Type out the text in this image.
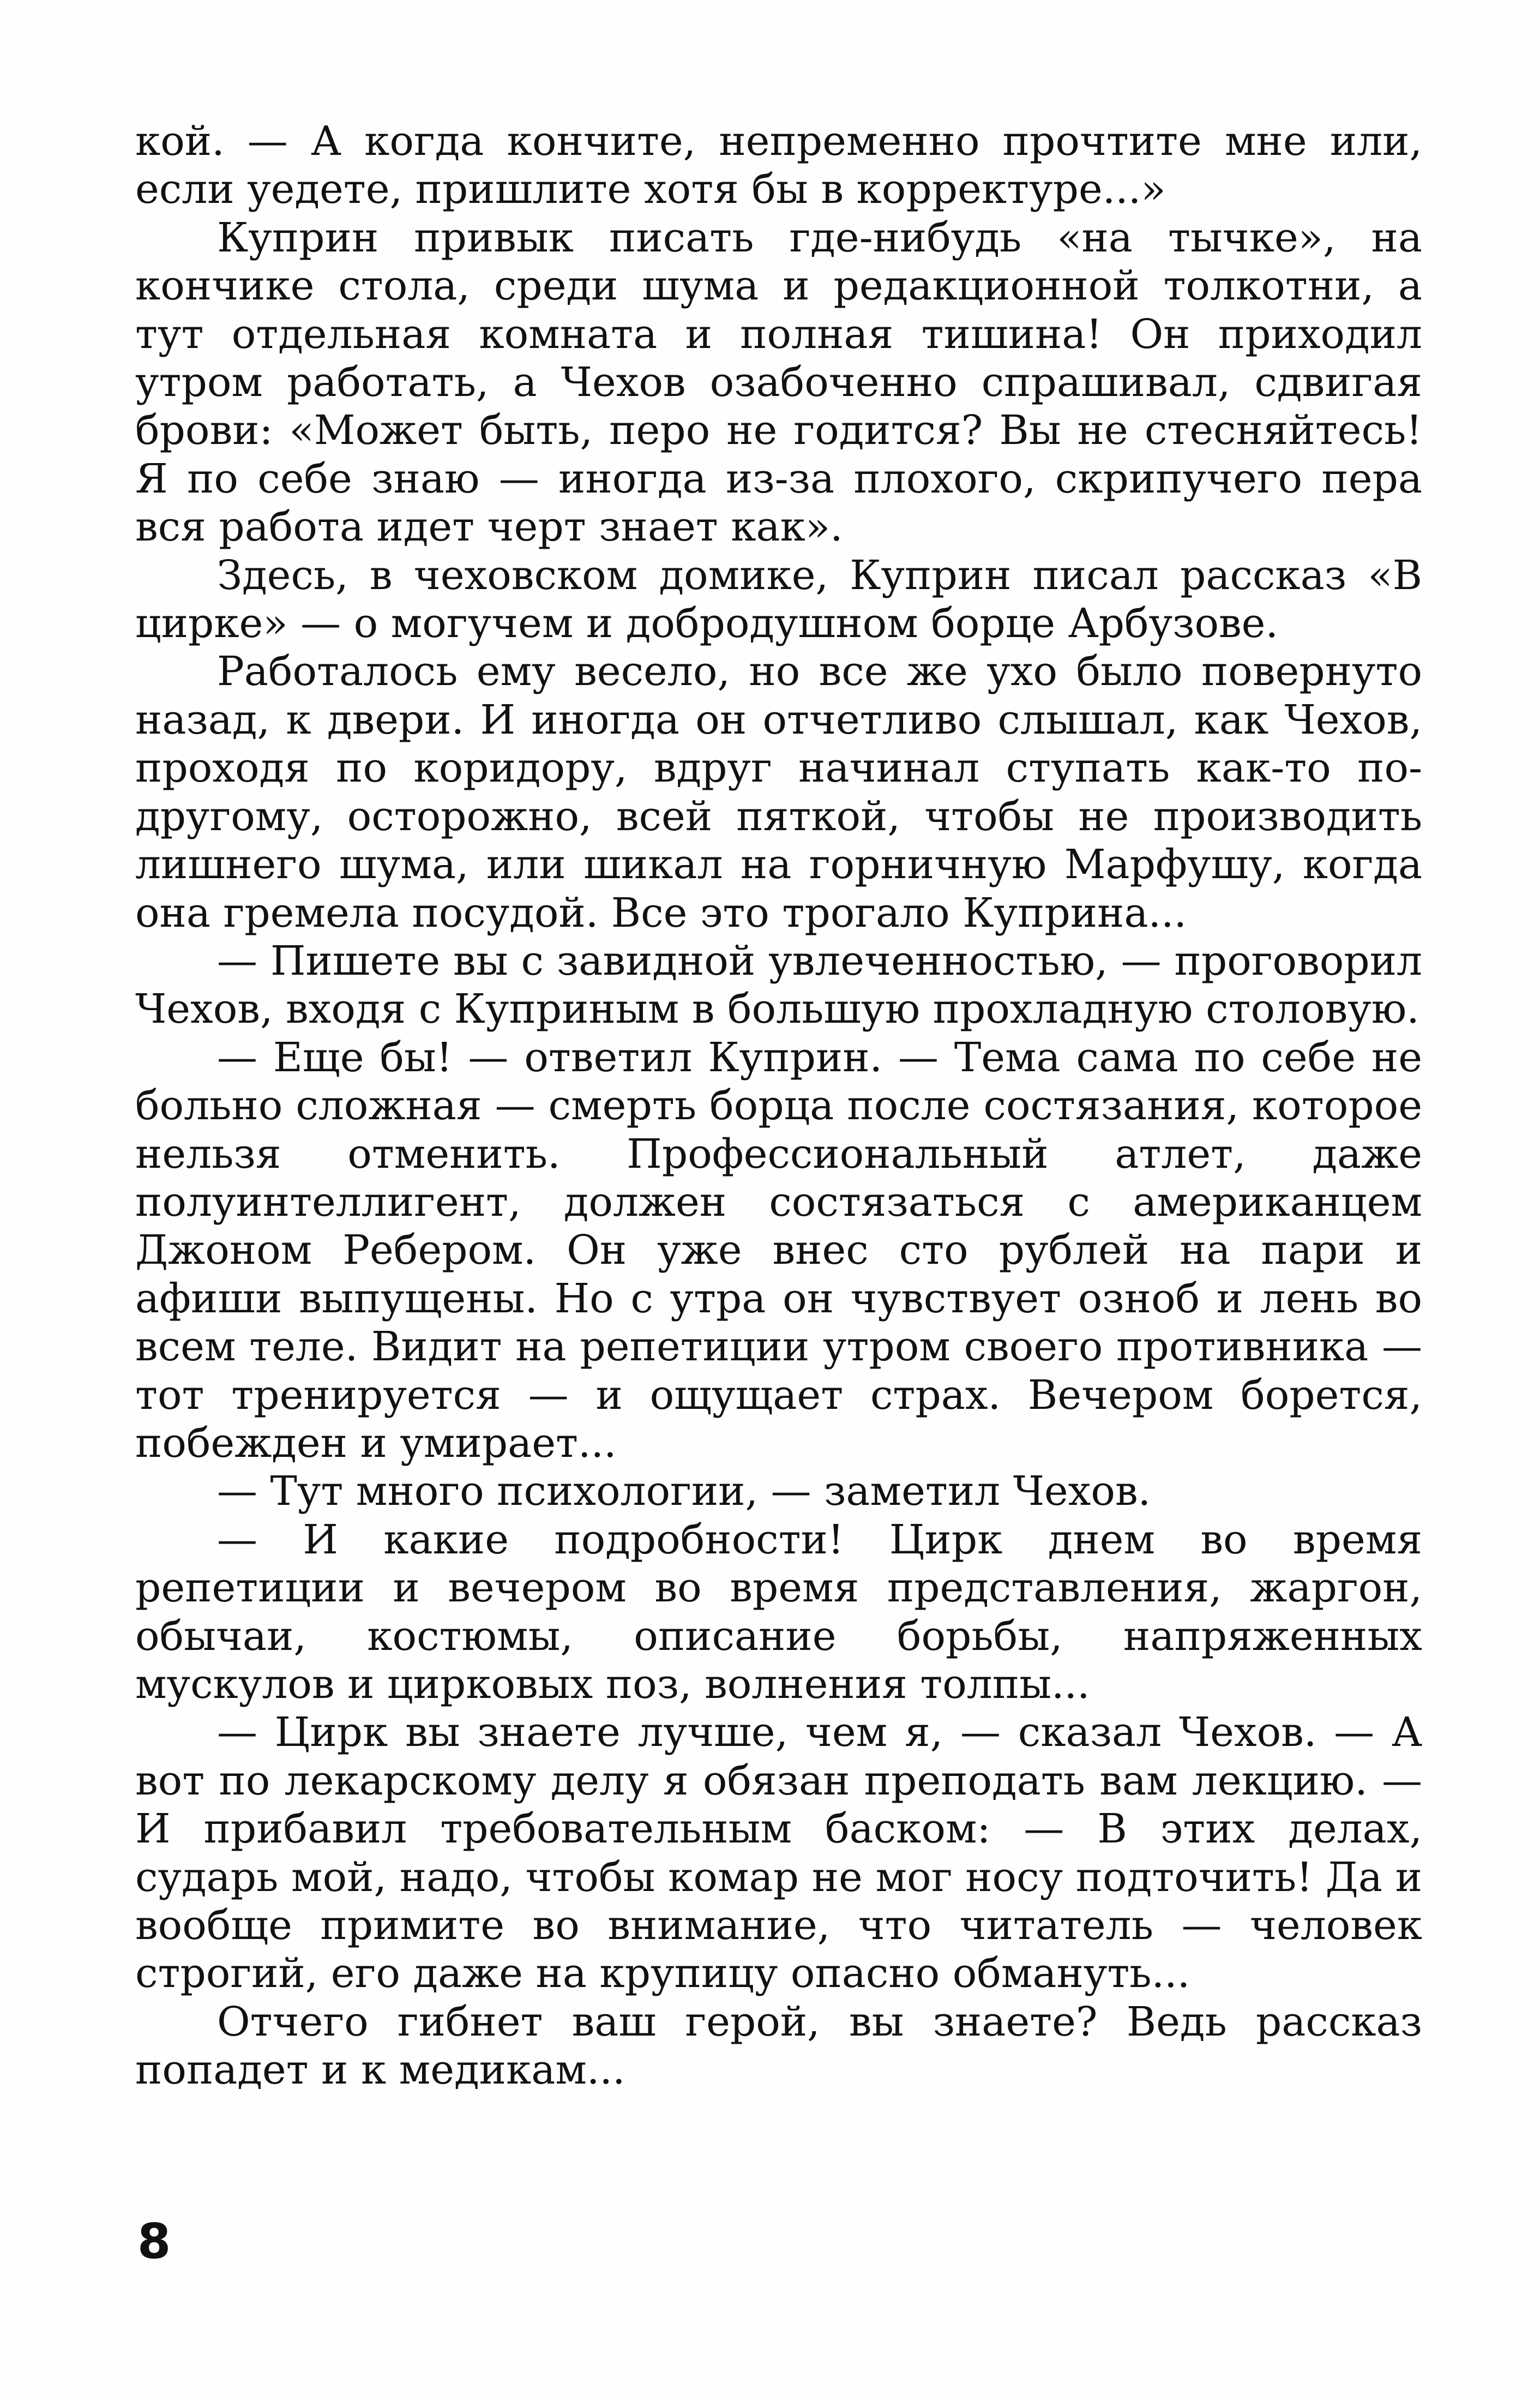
кой. — А когда кончите, непременно прочтите мне или, если уедете, пришлите хотя бы в корректуре...»

Куприн привык писать где-нибудь «на тычке», на кончике стола, среди шума и редакционной толкотни, а тут отдельная комната и полная тишина! Он приходил утром работать, а Чехов озабоченно спрашивал, сдвигая брови: «Может быть, перо не годится? Вы не стесняйтесь! Я по себе знаю — иногда из-за плохого, скрипучего пера вся работа идет черт знает как».

Здесь, в чеховском домике, Куприн писал рассказ «В цирке» — о могучем и добродушном борце Арбузове.

Работалось ему весело, но все же ухо было повернуто назад, к двери. И иногда он отчетливо слышал, как Чехов, проходя по коридору, вдруг начинал ступать как-то по-другому, осторожно, всей пяткой, чтобы не производить лишнего шума, или шикал на горничную Марфушу, когда она гремела посудой. Все это трогало Куприна...

— Пишете вы с завидной увлеченностью, — проговорил Чехов, входя с Куприным в большую прохладную столовую.

— Еще бы! — ответил Куприн. — Тема сама по себе не больно сложная — смерть борца после состязания, которое нельзя отменить. Профессиональный атлет, даже полуинтеллигент, должен состязаться с американцем Джоном Ребером. Он уже внес сто рублей на пари и афиши выпущены. Но с утра он чувствует озноб и лень во всем теле. Видит на репетиции утром своего противника — тот тренируется — и ощущает страх. Вечером борется, побежден и умирает...

— Тут много психологии, — заметил Чехов.

— И какие подробности! Цирк днем во время репетиции и вечером во время представления, жаргон, обычаи, костюмы, описание борьбы, напряженных мускулов и цирковых поз, волнения толпы...

— Цирк вы знаете лучше, чем я, — сказал Чехов. — А вот по лекарскому делу я обязан преподать вам лекцию. — И прибавил требовательным баском: — В этих делах, сударь мой, надо, чтобы комар не мог носу подточить! Да и вообще примите во внимание, что читатель — человек строгий, его даже на крупицу опасно обмануть...

Отчего гибнет ваш герой, вы знаете? Ведь рассказ попадет и к медикам...

8
